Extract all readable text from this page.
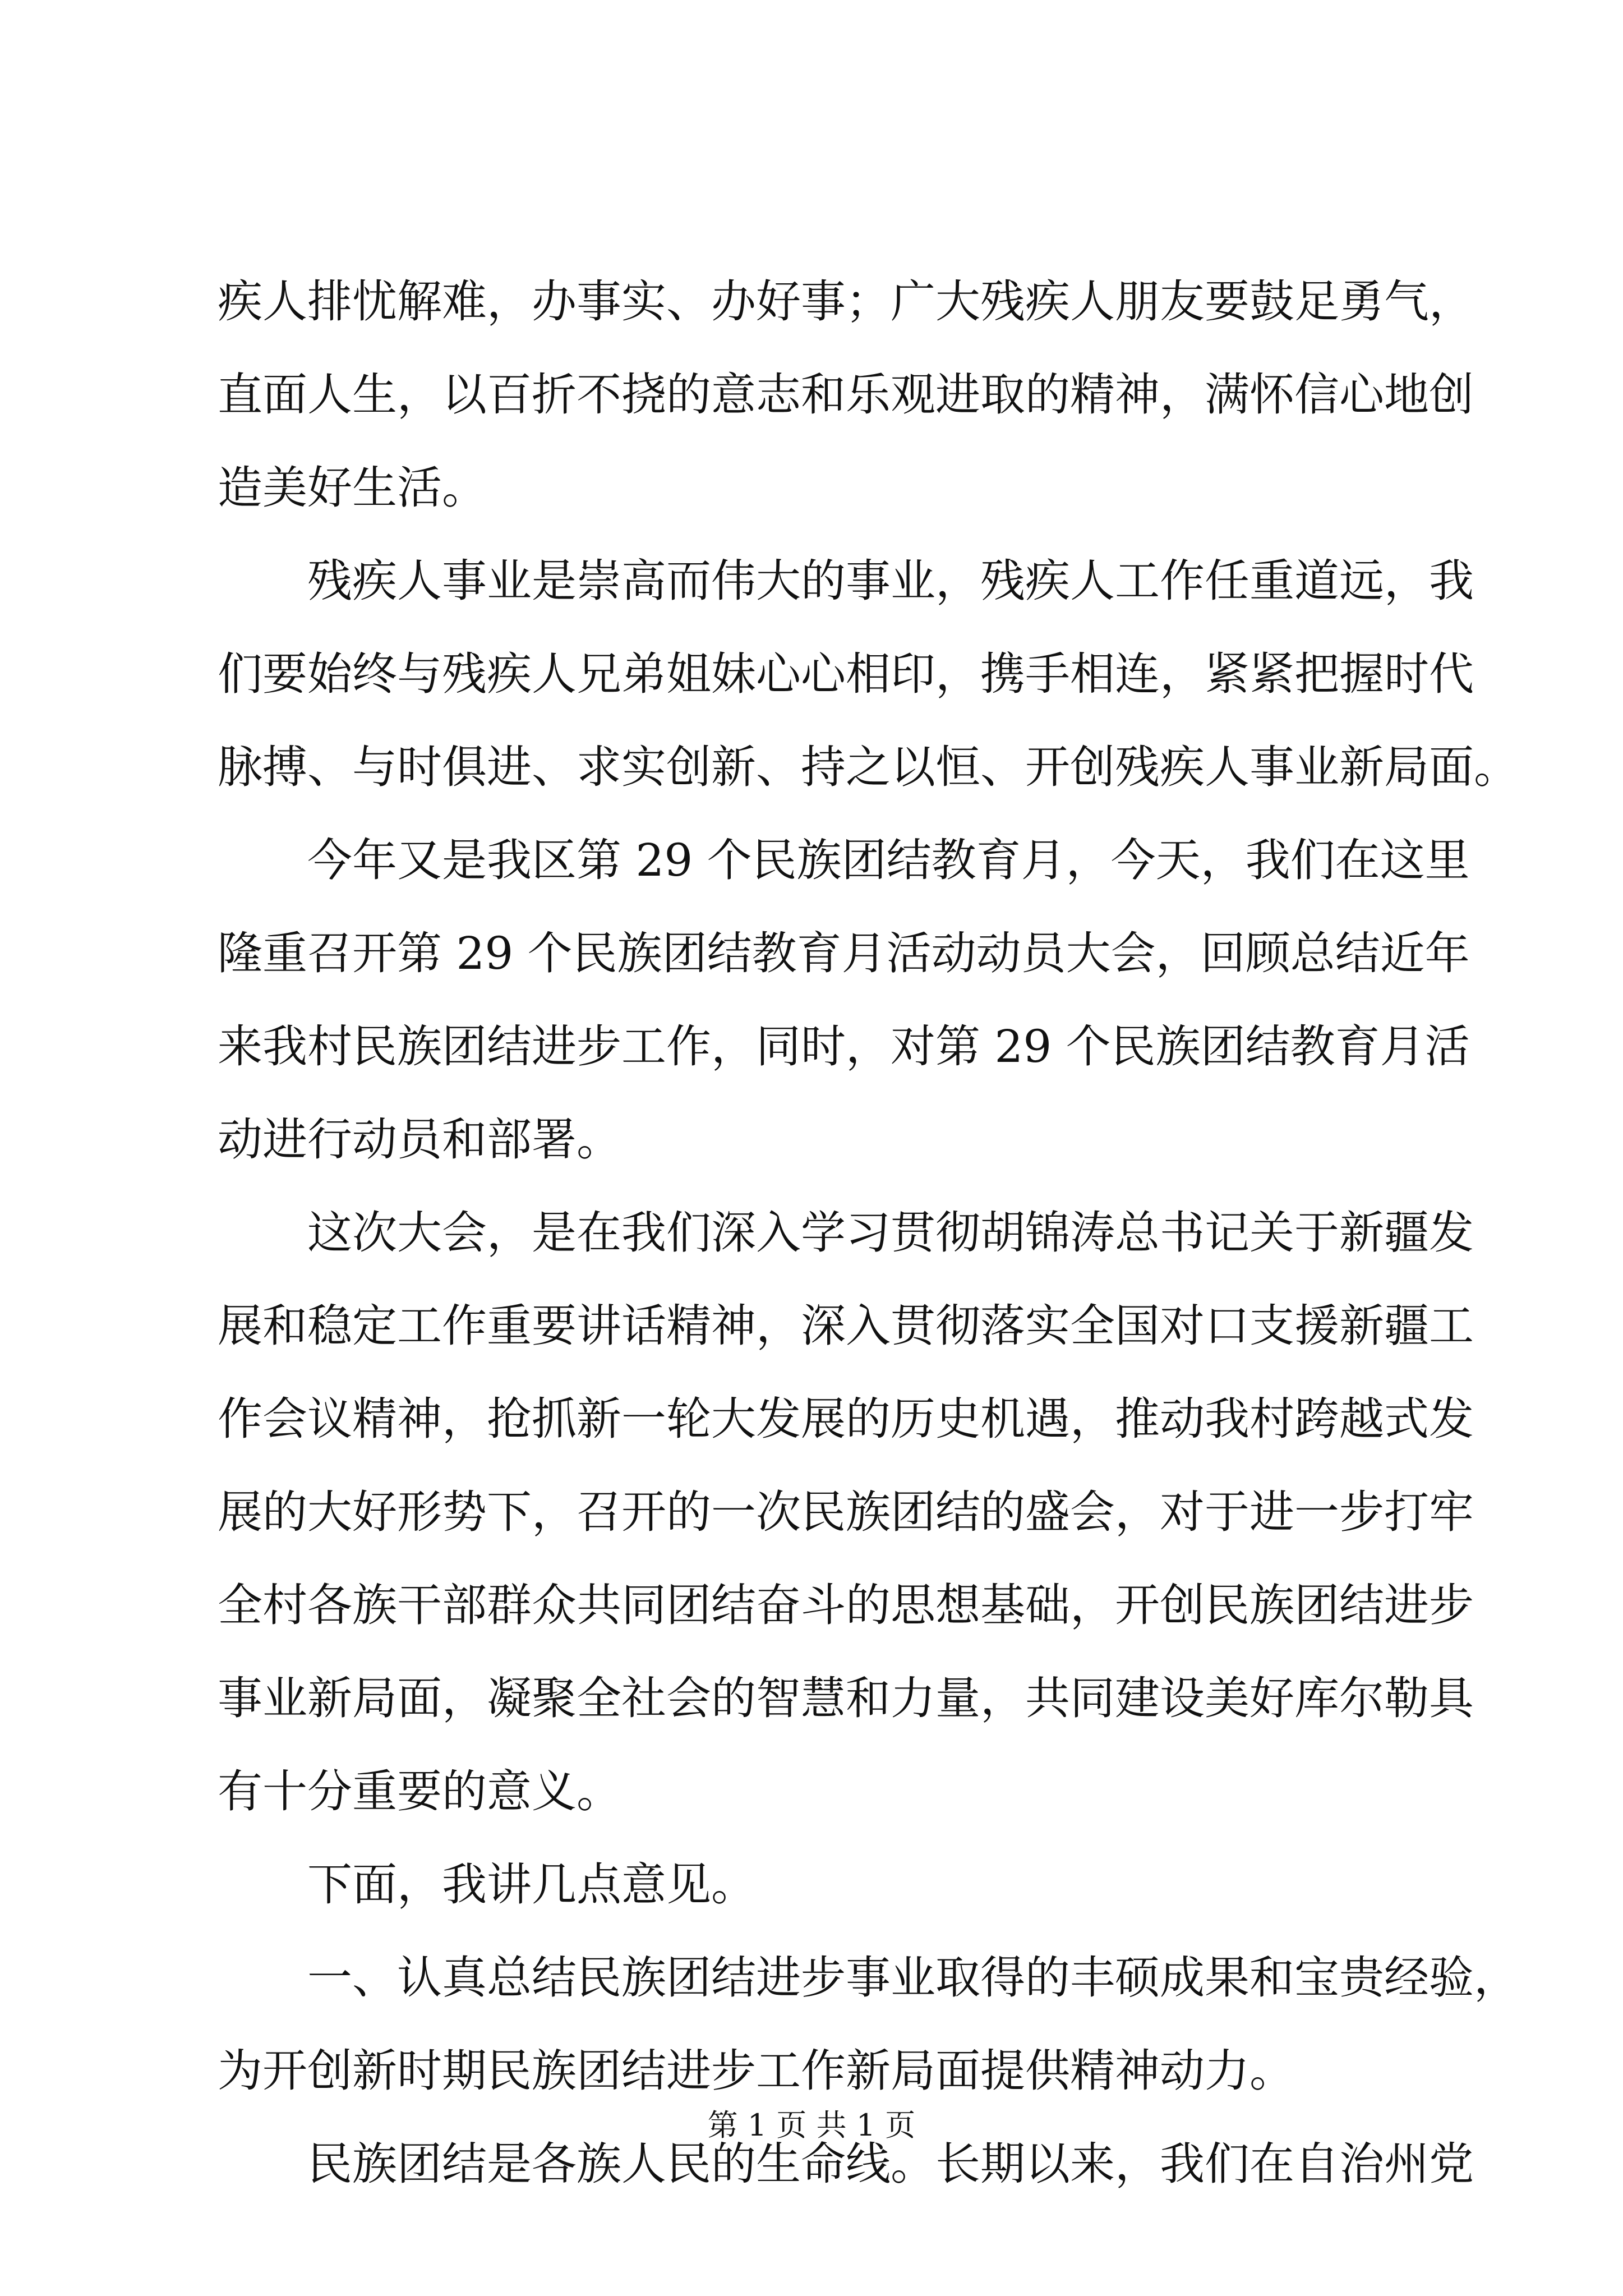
疾人排忧解难，办事实、办好事；广大残疾人朋友要鼓足勇气，
直面人生，以百折不挠的意志和乐观进取的精神，满怀信心地创
造美好生活。
残疾人事业是崇高而伟大的事业，残疾人工作任重道远，我
们要始终与残疾人兄弟姐妹心心相印，携手相连，紧紧把握时代
脉搏、与时俱进、求实创新、持之以恒、开创残疾人事业新局面。
今年又是我区第 29 个民族团结教育月，今天，我们在这里
隆重召开第 29 个民族团结教育月活动动员大会，回顾总结近年
来我村民族团结进步工作，同时，对第 29 个民族团结教育月活
动进行动员和部署。
这次大会，是在我们深入学习贯彻胡锦涛总书记关于新疆发
展和稳定工作重要讲话精神，深入贯彻落实全国对口支援新疆工
作会议精神，抢抓新一轮大发展的历史机遇，推动我村跨越式发
展的大好形势下，召开的一次民族团结的盛会，对于进一步打牢
全村各族干部群众共同团结奋斗的思想基础，开创民族团结进步
事业新局面，凝聚全社会的智慧和力量，共同建设美好库尔勒具
有十分重要的意义。
下面，我讲几点意见。
一、认真总结民族团结进步事业取得的丰硕成果和宝贵经验，
为开创新时期民族团结进步工作新局面提供精神动力。
民族团结是各族人民的生命线。长期以来，我们在自治州党
第 1 页 共 1 页
